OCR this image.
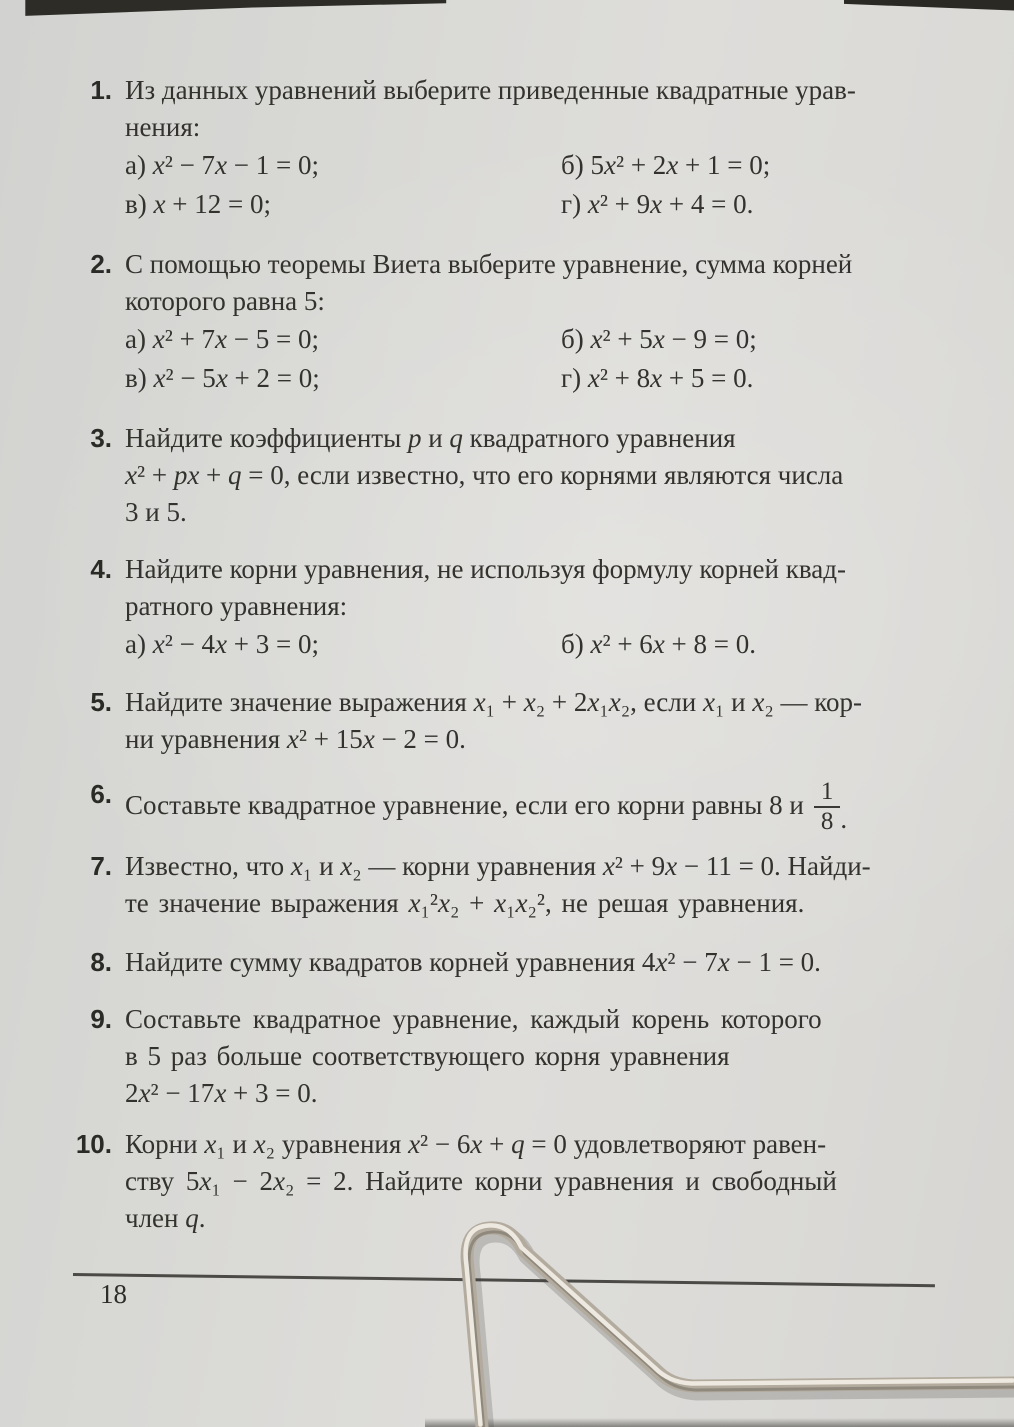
1. Из данных уравнений выберите приведенные квадратные урав-
нения:
а) x² − 7x − 1 = 0;	б) 5x² + 2x + 1 = 0;
в) x + 12 = 0;	г) x² + 9x + 4 = 0.
2. С помощью теоремы Виета выберите уравнение, сумма корней
которого равна 5:
а) x² + 7x − 5 = 0;	б) x² + 5x − 9 = 0;
в) x² − 5x + 2 = 0;	г) x² + 8x + 5 = 0.
3. Найдите коэффициенты p и q квадратного уравнения
x² + px + q = 0, если известно, что его корнями являются числа
3 и 5.
4. Найдите корни уравнения, не используя формулу корней квад-
ратного уравнения:
а) x² − 4x + 3 = 0;	б) x² + 6x + 8 = 0.
5. Найдите значение выражения x₁ + x₂ + 2x₁x₂, если x₁ и x₂ — кор-
ни уравнения x² + 15x − 2 = 0.
6. Составьте квадратное уравнение, если его корни равны 8 и $\frac{1}{8}$ .
7. Известно, что x₁ и x₂ — корни уравнения x² + 9x − 11 = 0. Найди-
те значение выражения x₁²x₂ + x₁x₂², не решая уравнения.
8. Найдите сумму квадратов корней уравнения 4x² − 7x − 1 = 0.
9. Составьте квадратное уравнение, каждый корень которого
в 5 раз больше соответствующего корня уравнения
2x² − 17x + 3 = 0.
10. Корни x₁ и x₂ уравнения x² − 6x + q = 0 удовлетворяют равен-
ству 5x₁ − 2x₂ = 2. Найдите корни уравнения и свободный
член q.
18
